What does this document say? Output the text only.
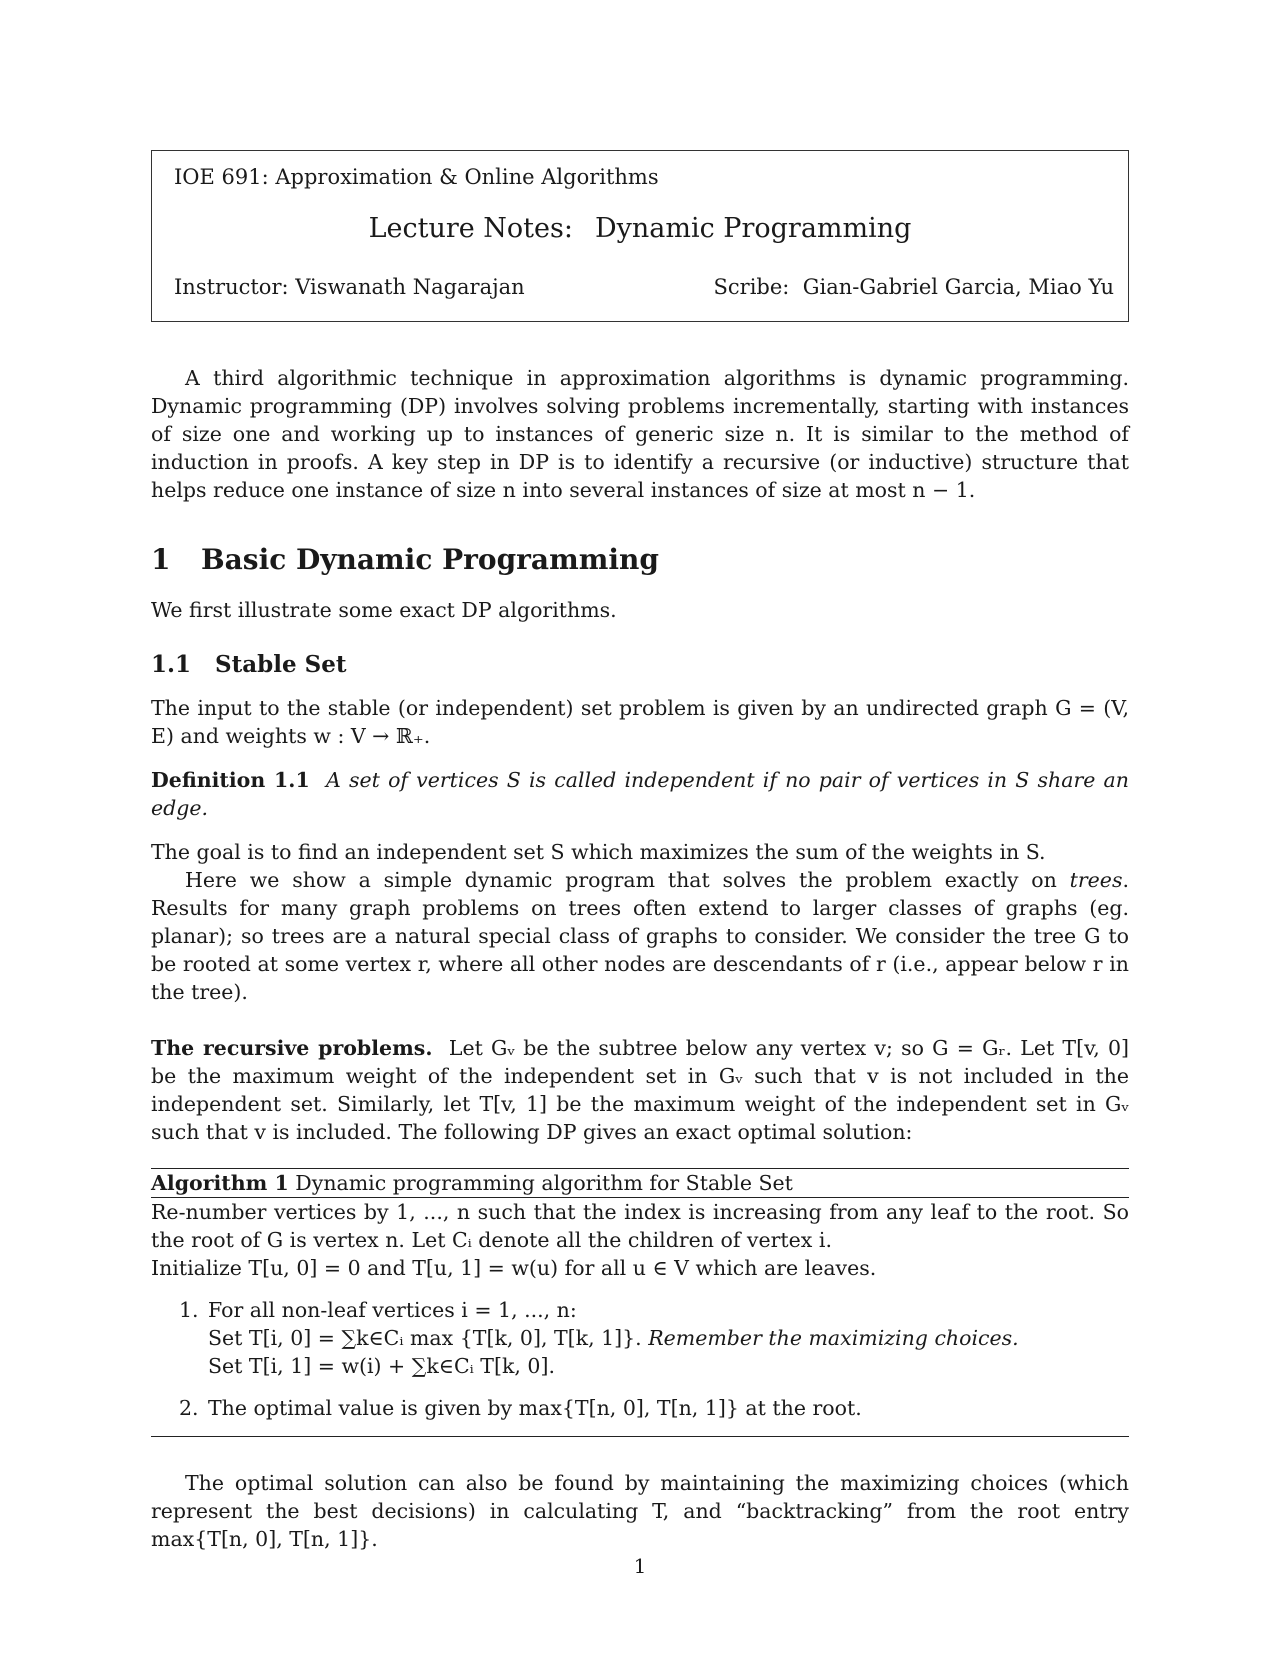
IOE 691: Approximation & Online Algorithms
Lecture Notes: Dynamic Programming
Instructor: Viswanath Nagarajan	Scribe: Gian-Gabriel Garcia, Miao Yu

A third algorithmic technique in approximation algorithms is dynamic programming. Dynamic programming (DP) involves solving problems incrementally, starting with instances of size one and working up to instances of generic size n. It is similar to the method of induction in proofs. A key step in DP is to identify a recursive (or inductive) structure that helps reduce one instance of size n into several instances of size at most n − 1.

1 Basic Dynamic Programming

We first illustrate some exact DP algorithms.

1.1 Stable Set

The input to the stable (or independent) set problem is given by an undirected graph G = (V, E) and weights w : V → ℝ₊.

Definition 1.1 A set of vertices S is called independent if no pair of vertices in S share an edge.

The goal is to find an independent set S which maximizes the sum of the weights in S.

Here we show a simple dynamic program that solves the problem exactly on trees. Results for many graph problems on trees often extend to larger classes of graphs (eg. planar); so trees are a natural special class of graphs to consider. We consider the tree G to be rooted at some vertex r, where all other nodes are descendants of r (i.e., appear below r in the tree).

The recursive problems. Let Gᵥ be the subtree below any vertex v; so G = Gᵣ. Let T[v, 0] be the maximum weight of the independent set in Gᵥ such that v is not included in the independent set. Similarly, let T[v, 1] be the maximum weight of the independent set in Gᵥ such that v is included. The following DP gives an exact optimal solution:

Algorithm 1 Dynamic programming algorithm for Stable Set

Re-number vertices by 1, ..., n such that the index is increasing from any leaf to the root. So the root of G is vertex n. Let Cᵢ denote all the children of vertex i.

Initialize T[u, 0] = 0 and T[u, 1] = w(u) for all u ∈ V which are leaves.

1. For all non-leaf vertices i = 1, ..., n:
Set T[i, 0] = ∑k∈Cᵢ max {T[k, 0], T[k, 1]}. Remember the maximizing choices.
Set T[i, 1] = w(i) + ∑k∈Cᵢ T[k, 0].
2. The optimal value is given by max{T[n, 0], T[n, 1]} at the root.

The optimal solution can also be found by maintaining the maximizing choices (which represent the best decisions) in calculating T, and “backtracking” from the root entry max{T[n, 0], T[n, 1]}.

1
